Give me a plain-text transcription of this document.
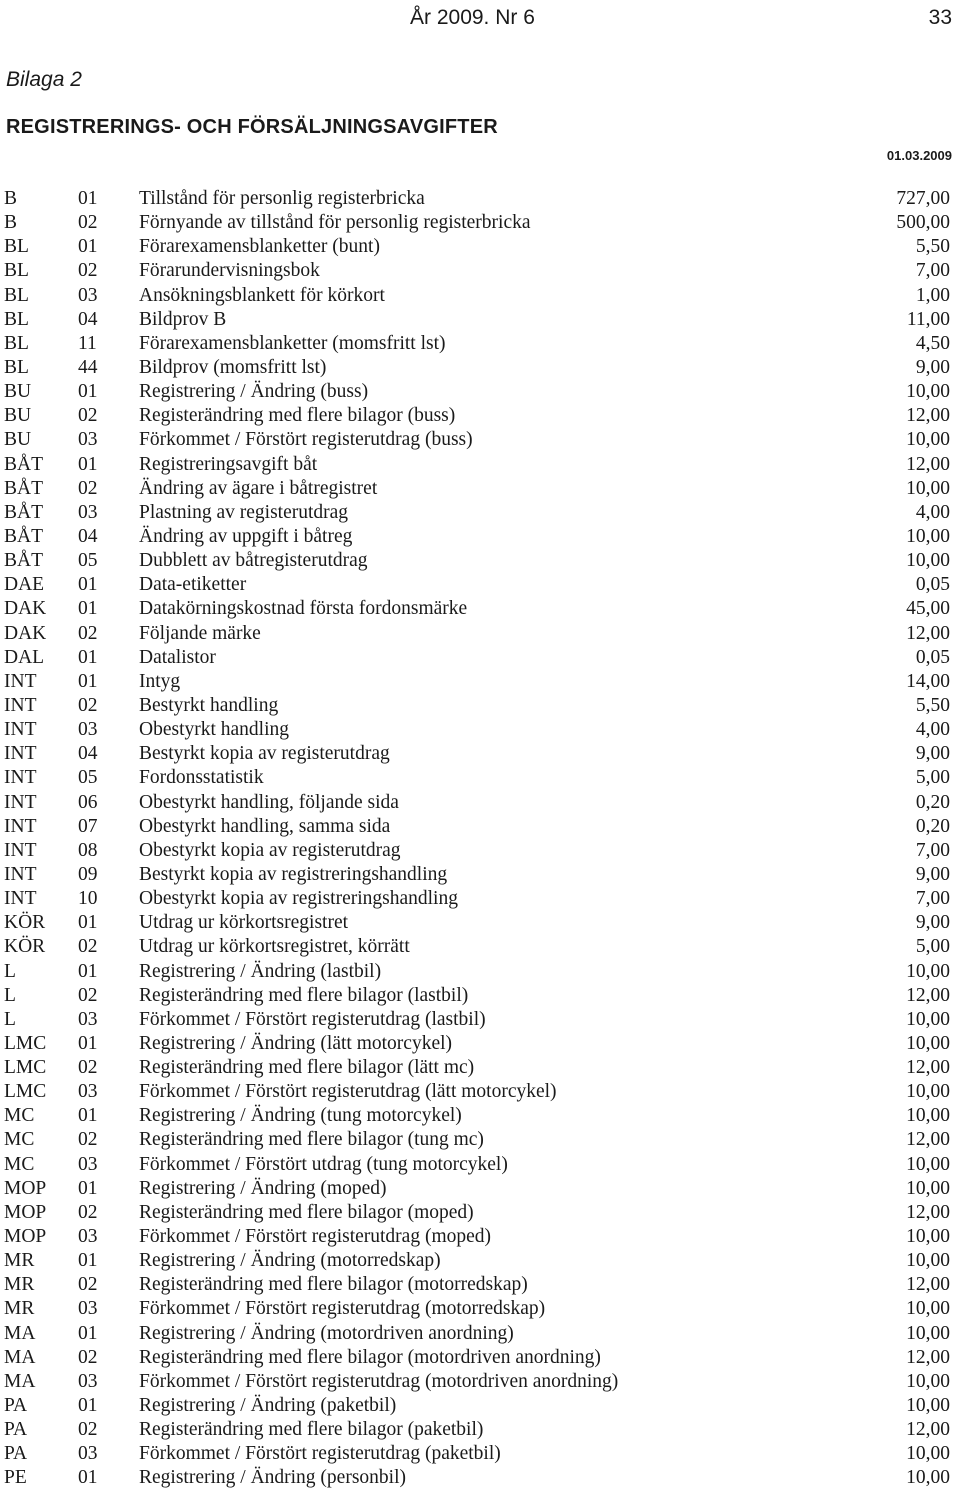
År 2009. Nr 6	33
Bilaga 2
REGISTRERINGS- OCH FÖRSÄLJNINGSAVGIFTER
01.03.2009
B	01 Tillstånd för personlig registerbricka	727,00
B	02 Förnyande av tillstånd för personlig registerbricka	500,00
BL	01 Förarexamensblanketter (bunt)	5,50
BL	02 Förarundervisningsbok	7,00
BL	03 Ansökningsblankett för körkort	1,00
BL	04 Bildprov B	11,00
BL	11 Förarexamensblanketter (momsfritt lst)	4,50
BL	44 Bildprov (momsfritt lst)	9,00
BU 01 Registrering / Ändring (buss)	10,00
BU 02 Registerändring med flere bilagor (buss)	12,00
BU 03 Förkommet / Förstört registerutdrag (buss)	10,00
BÅT 01 Registreringsavgift båt	12,00
BÅT 02 Ändring av ägare i båtregistret	10,00
BÅT 03 Plastning av registerutdrag	4,00
BÅT 04 Ändring av uppgift i båtreg	10,00
BÅT 05 Dubblett av båtregisterutdrag	10,00
DAE 01 Data-etiketter	0,05
DAK 01 Datakörningskostnad första fordonsmärke	45,00
DAK 02 Följande märke	12,00
DAL 01 Datalistor	0,05
INT 01 Intyg	14,00
INT 02 Bestyrkt handling	5,50
INT 03 Obestyrkt handling	4,00
INT 04 Bestyrkt kopia av registerutdrag	9,00
INT 05 Fordonsstatistik	5,00
INT 06 Obestyrkt handling, följande sida	0,20
INT 07 Obestyrkt handling, samma sida	0,20
INT 08 Obestyrkt kopia av registerutdrag	7,00
INT 09 Bestyrkt kopia av registreringshandling	9,00
INT 10 Obestyrkt kopia av registreringshandling	7,00
KÖR 01 Utdrag ur körkortsregistret	9,00
KÖR 02 Utdrag ur körkortsregistret, körrätt	5,00
L	01 Registrering / Ändring (lastbil)	10,00
L	02 Registerändring med flere bilagor (lastbil)	12,00
L	03 Förkommet / Förstört registerutdrag (lastbil)	10,00
LMC 01 Registrering / Ändring (lätt motorcykel)	10,00
LMC 02 Registerändring med flere bilagor (lätt mc)	12,00
LMC 03 Förkommet / Förstört registerutdrag (lätt motorcykel)	10,00
MC 01 Registrering / Ändring (tung motorcykel)	10,00
MC 02 Registerändring med flere bilagor (tung mc)	12,00
MC 03 Förkommet / Förstört utdrag (tung motorcykel)	10,00
MOP 01 Registrering / Ändring (moped)	10,00
MOP 02 Registerändring med flere bilagor (moped)	12,00
MOP 03 Förkommet / Förstört registerutdrag (moped)	10,00
MR 01 Registrering / Ändring (motorredskap)	10,00
MR 02 Registerändring med flere bilagor (motorredskap)	12,00
MR 03 Förkommet / Förstört registerutdrag (motorredskap)	10,00
MA 01 Registrering / Ändring (motordriven anordning)	10,00
MA 02 Registerändring med flere bilagor (motordriven anordning)	12,00
MA 03 Förkommet / Förstört registerutdrag (motordriven anordning)	10,00
PA	01 Registrering / Ändring (paketbil)	10,00
PA	02 Registerändring med flere bilagor (paketbil)	12,00
PA	03 Förkommet / Förstört registerutdrag (paketbil)	10,00
PE	01 Registrering / Ändring (personbil)	10,00
